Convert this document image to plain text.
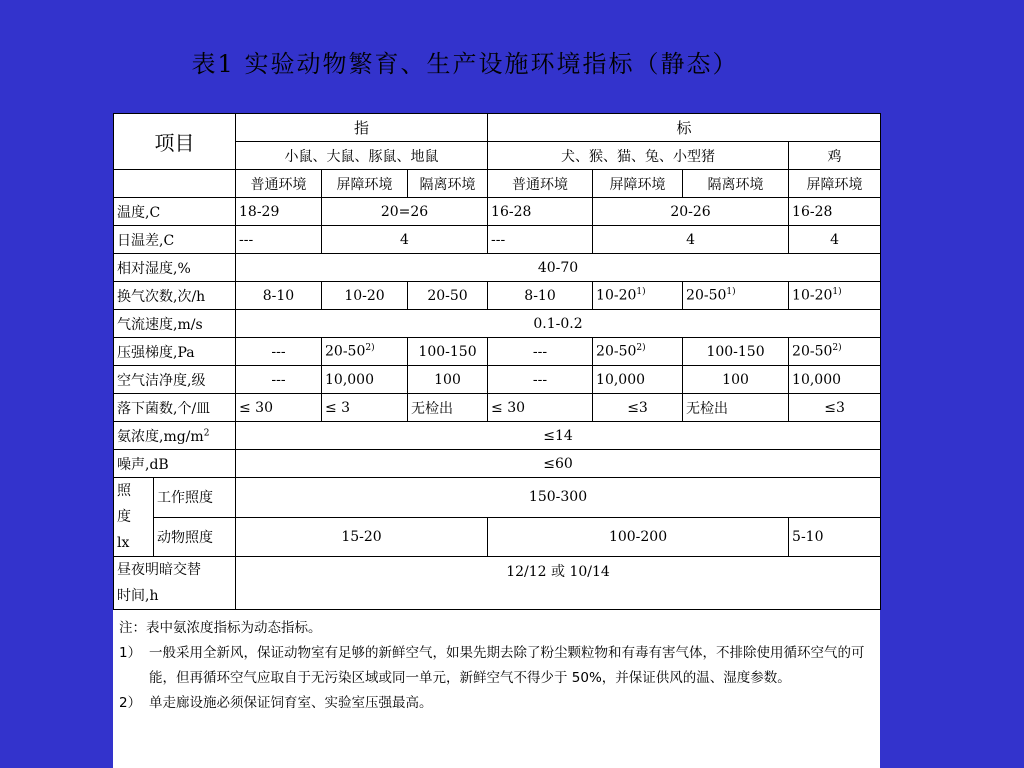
表1 实验动物繁育、生产设施环境指标（静态）
项目		指			标			
		小鼠、大鼠、豚鼠、地鼠			犬、猴、猫、兔、小型猪			鸡
		普通环境	屏障环境	隔离环境	普通环境	屏障环境	隔离环境	屏障环境
温度,C		18-29	20=26		16-28	20-26		16-28
日温差,C		---	4		---	4		4
相对湿度,%		40-70						
换气次数,次/h		8-10	10-20	20-50	8-10	10-20$^{1)}$	20-50$^{1)}$	10-20$^{1)}$
气流速度,m/s		0.1-0.2						
压强梯度,Pa		---	20-50$^{2)}$	100-150	---	20-50$^{2)}$	100-150	20-50$^{2)}$
空气洁净度,级		---	10,000	100	---	10,000	100	10,000
落下菌数,个/皿		≤ 30	≤ 3	无检出	≤ 30	≤3	无检出	≤3
氨浓度$,mg/m^2$		≤14						
噪声,dB		≤60						

照
度
lx	工作照度	150-300						
	动物照度	15-20			100-200			5-10

昼夜明暗交替
时间,h		12/12 或 10/14						
注：表中氨浓度指标为动态指标。
1） 一般采用全新风，保证动物室有足够的新鲜空气，如果先期去除了粉尘颗粒物和有毒有害气体，不排除使用循环空气的可能，但再循环空气应取自于无污染区域或同一单元，新鲜空气不得少于 50%，并保证供风的温、湿度参数。
2） 单走廊设施必须保证饲育室、实验室压强最高。
